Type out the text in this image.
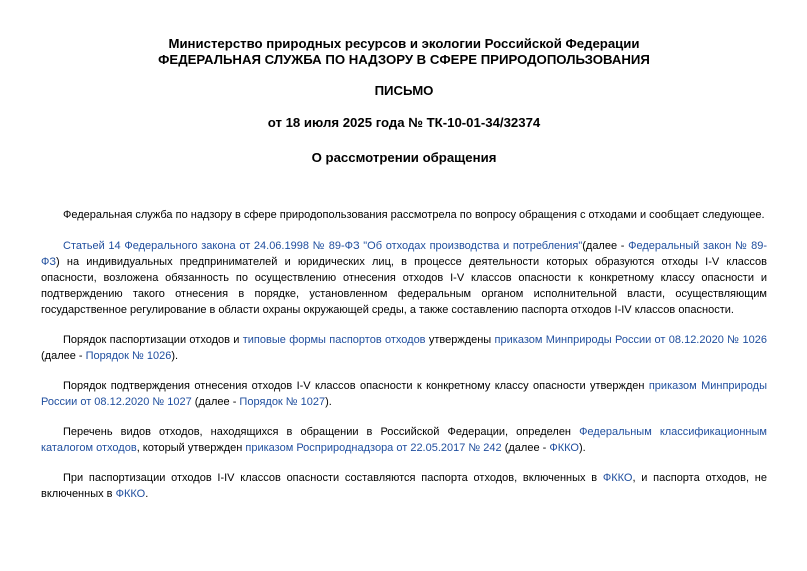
Министерство природных ресурсов и экологии Российской Федерации
ФЕДЕРАЛЬНАЯ СЛУЖБА ПО НАДЗОРУ В СФЕРЕ ПРИРОДОПОЛЬЗОВАНИЯ
ПИСЬМО
от 18 июля 2025 года № ТК-10-01-34/32374
О рассмотрении обращения

Федеральная служба по надзору в сфере природопользования рассмотрела по вопросу обращения с отходами и сообщает следующее.

Статьей 14 Федерального закона от 24.06.1998 № 89-ФЗ "Об отходах производства и потребления"(далее - Федеральный закон № 89-ФЗ) на индивидуальных предпринимателей и юридических лиц, в процессе деятельности которых образуются отходы I-V классов опасности, возложена обязанность по осуществлению отнесения отходов I-V классов опасности к конкретному классу опасности и подтверждению такого отнесения в порядке, установленном федеральным органом исполнительной власти, осуществляющим государственное регулирование в области охраны окружающей среды, а также составлению паспорта отходов I-IV классов опасности.

Порядок паспортизации отходов и типовые формы паспортов отходов утверждены приказом Минприроды России от 08.12.2020 № 1026 (далее - Порядок № 1026).

Порядок подтверждения отнесения отходов I-V классов опасности к конкретному классу опасности утвержден приказом Минприроды России от 08.12.2020 № 1027 (далее - Порядок № 1027).

Перечень видов отходов, находящихся в обращении в Российской Федерации, определен Федеральным классификационным каталогом отходов, который утвержден приказом Росприроднадзора от 22.05.2017 № 242 (далее - ФККО).

При паспортизации отходов I-IV классов опасности составляются паспорта отходов, включенных в ФККО, и паспорта отходов, не включенных в ФККО.
